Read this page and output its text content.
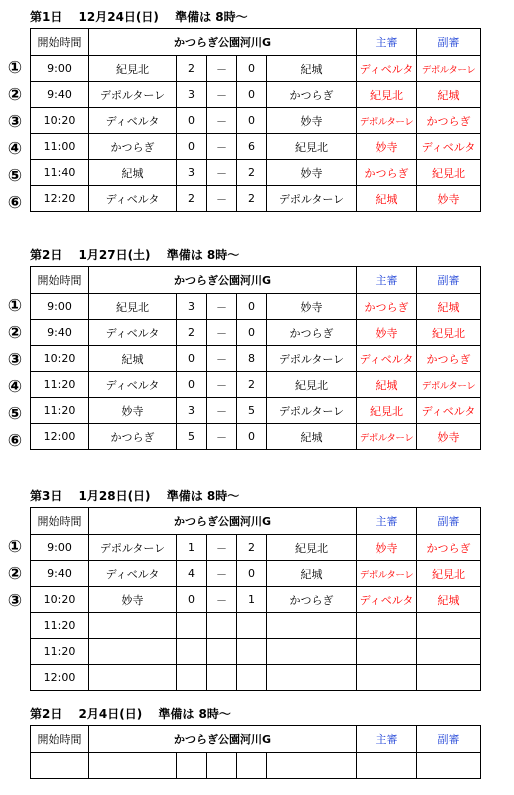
第1日　 12月24日(日)　 準備は 8時～
①
②
③
④
⑤
⑥
開始時間	かつらぎ公園河川G					主審	副審
9:00	紀見北	2	－	0	紀城	ディベルタ	デポルターレ
9:40	デポルターレ	3	－	0	かつらぎ	紀見北	紀城
10:20	ディベルタ	0	－	0	妙寺	デポルターレ	かつらぎ
11:00	かつらぎ	0	－	6	紀見北	妙寺	ディベルタ
11:40	紀城	3	－	2	妙寺	かつらぎ	紀見北
12:20	ディベルタ	2	－	2	デポルターレ	紀城	妙寺
第2日　 1月27日(土)　 準備は 8時～
①
②
③
④
⑤
⑥
開始時間	かつらぎ公園河川G					主審	副審
9:00	紀見北	3	－	0	妙寺	かつらぎ	紀城
9:40	ディベルタ	2	－	0	かつらぎ	妙寺	紀見北
10:20	紀城	0	－	8	デポルターレ	ディベルタ	かつらぎ
11:20	ディベルタ	0	－	2	紀見北	紀城	デポルターレ
11:20	妙寺	3	－	5	デポルターレ	紀見北	ディベルタ
12:00	かつらぎ	5	－	0	紀城	デポルターレ	妙寺
第3日　 1月28日(日)　 準備は 8時～
①
②
③
開始時間	かつらぎ公園河川G					主審	副審
9:00	デポルターレ	1	－	2	紀見北	妙寺	かつらぎ
9:40	ディベルタ	4	－	0	紀城	デポルターレ	紀見北
10:20	妙寺	0	－	1	かつらぎ	ディベルタ	紀城
11:20							
11:20							
12:00							
第2日　 2月4日(日)　 準備は 8時～
開始時間	かつらぎ公園河川G					主審	副審
